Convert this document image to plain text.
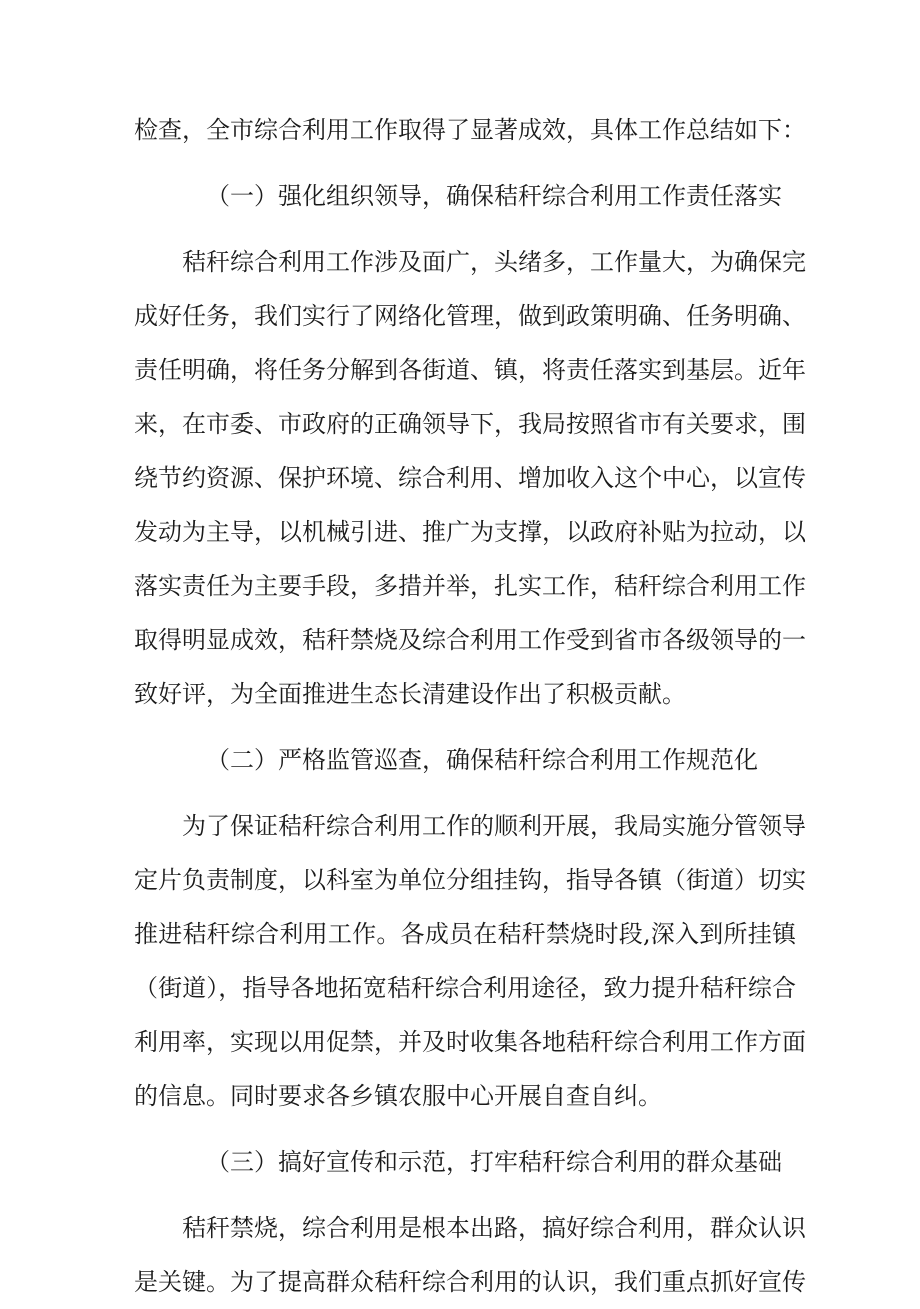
检查，全市综合利用工作取得了显著成效，具体工作总结如下：
（一）强化组织领导，确保秸秆综合利用工作责任落实
秸秆综合利用工作涉及面广，头绪多，工作量大，为确保完
成好任务，我们实行了网络化管理，做到政策明确、任务明确、
责任明确，将任务分解到各街道、镇，将责任落实到基层。近年
来，在市委、市政府的正确领导下，我局按照省市有关要求，围
绕节约资源、保护环境、综合利用、增加收入这个中心，以宣传
发动为主导，以机械引进、推广为支撑，以政府补贴为拉动，以
落实责任为主要手段，多措并举，扎实工作，秸秆综合利用工作
取得明显成效，秸秆禁烧及综合利用工作受到省市各级领导的一
致好评，为全面推进生态长清建设作出了积极贡献。
（二）严格监管巡查，确保秸秆综合利用工作规范化
为了保证秸秆综合利用工作的顺利开展，我局实施分管领导
定片负责制度，以科室为单位分组挂钩，指导各镇（街道）切实
推进秸秆综合利用工作。各成员在秸秆禁烧时段,深入到所挂镇
（街道），指导各地拓宽秸秆综合利用途径，致力提升秸秆综合
利用率，实现以用促禁，并及时收集各地秸秆综合利用工作方面
的信息。同时要求各乡镇农服中心开展自查自纠。
（三）搞好宣传和示范，打牢秸秆综合利用的群众基础
秸秆禁烧，综合利用是根本出路，搞好综合利用，群众认识
是关键。为了提高群众秸秆综合利用的认识，我们重点抓好宣传
